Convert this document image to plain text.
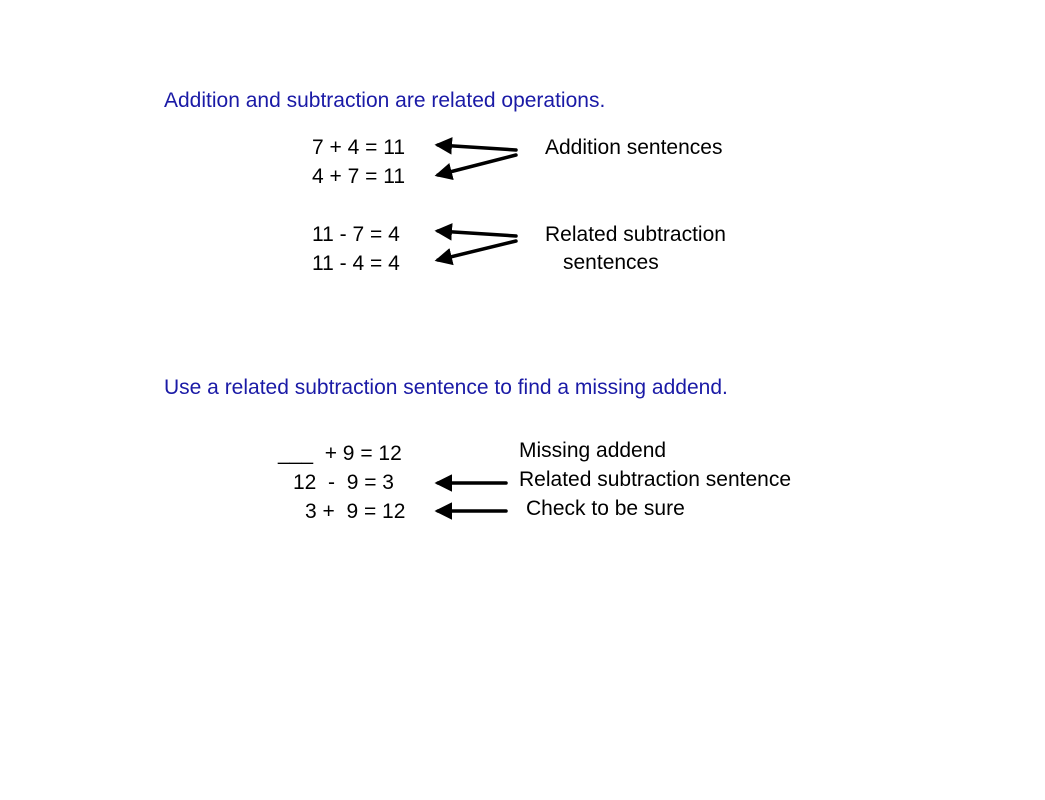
Addition and subtraction are related operations.
7 + 4 = 11
4 + 7 = 11
Addition sentences
11 - 7 = 4
11 - 4 = 4
Related subtraction
sentences
Use a related subtraction sentence to find a missing addend.
___  + 9 = 12
12  -  9 = 3
3 +  9 = 12
Missing addend
Related subtraction sentence
Check to be sure
